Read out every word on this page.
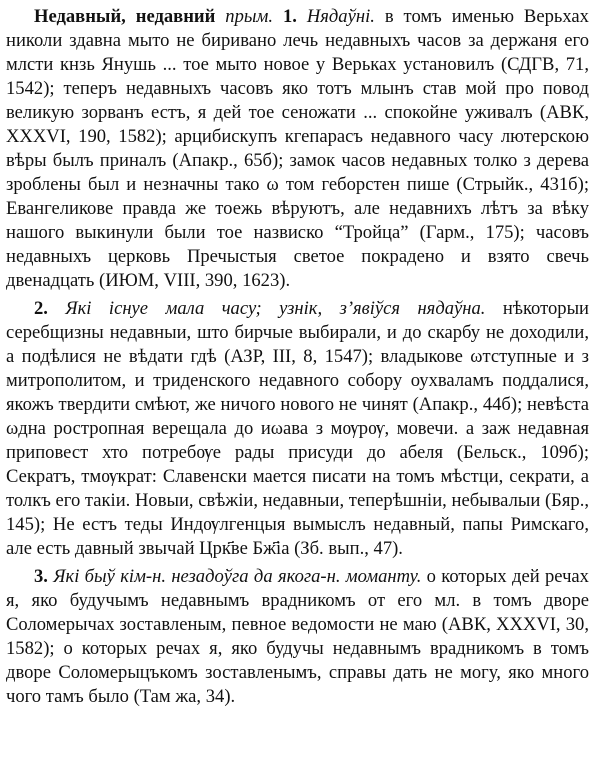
Недавный, недавний прым. 1. Нядаўні. в томъ именью Верьхах николи здавна мыто не биривано лечь недавныхъ часов за держаня его млсти кнзь Янушь ... тое мыто новое у Верьках установилъ (СДГВ, 71, 1542); теперъ недавныхъ часовъ яко тотъ млынъ став мой про повод великую зорванъ естъ, я дей тое сеножати ... спокойне уживалъ (АВК, XXXVI, 190, 1582); арцибискупъ кгепарасъ недавного часу лютерскою вѣры былъ приналъ (Апакр., 65б); замок часов недавных толко з дерева зроблены был и незначны тако ω том геборстен пише (Стрыйк., 431б); Евангеликове правда же тоежь вѣруютъ, але недавнихъ лѣтъ за вѣку нашого выкинули были тое назвиско “Тройца” (Гарм., 175); часовъ недавныхъ церковь Пречыстыя светое покрадено и взято свечь двенадцать (ИЮМ, VIII, 390, 1623).

2. Які існуе мала часу; узнік, з’явіўся нядаўна. нѣкоторыи серебщизны недавныи, што бирчые выбирали, и до скарбу не доходили, а подѣлися не вѣдати гдѣ (АЗР, III, 8, 1547); владыкове ωтступные и з митрополитом, и триденского недавного собору оухваламъ поддалися, якожъ твердити смѣют, же ничого нового не чинят (Апакр., 44б); невѣста ωдна ростропная верещала до иωава з мѹрѹ, мовечи. а заж недавная приповест хто потребѹе рады присуди до абеля (Бельск., 109б); Секратъ, тмѹкрат: Славенски мается писати на томъ мѣстци, секрати, а толкъ его такіи. Новыи, свѣжіи, недавныи, теперѣшніи, небывалыи (Бяр., 145); Не естъ теды Индѹлгенцыя вымыслъ недавный, папы Римскаго, але есть давный звычай Црк҃ве Бж҃іа (Зб. вып., 47).

3. Які быў кім-н. незадоўга да якога-н. моманту. о которых дей речах я, яко будучымъ недавнымъ врадникомъ от его мл. в томъ дворе Соломерычах зоставленым, певное ведомости не маю (АВК, XXXVI, 30, 1582); о которых речах я, яко будучы недавнымъ врадникомъ в томъ дворе Соломерыцъкомъ зоставленымъ, справы дать не могу, яко много чого тамъ было (Там жа, 34).
